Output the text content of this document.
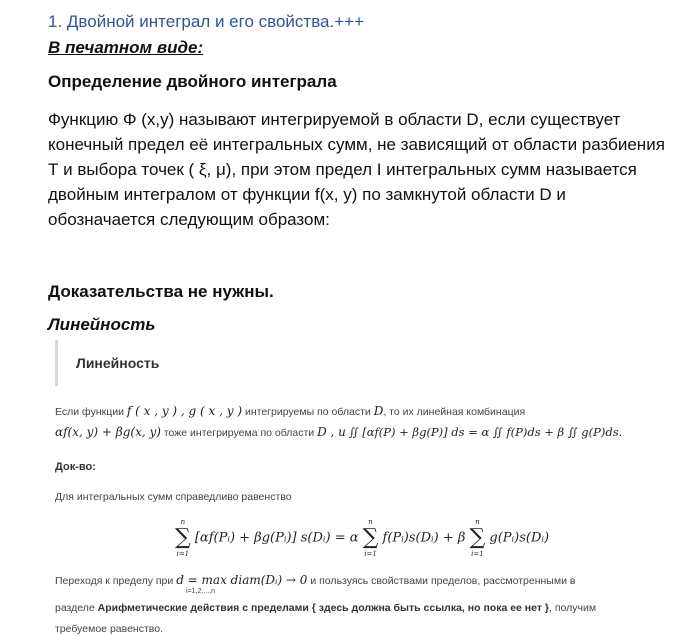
1. Двойной интеграл и его свойства.+++
В печатном виде:
Определение двойного интеграла
Функцию Φ (x,y) называют интегрируемой в области D, если существует
конечный предел её интегральных сумм, не зависящий от области разбиения
Т и выбора точек ( ξ, μ), при этом предел I интегральных сумм называется
двойным интегралом от функции f(x, y) по замкнутой области D и
обозначается следующим образом:
Доказательства не нужны.
Линейность
Линейность
Если функции f ( x , y ) , g ( x , y ) интегрируемы по области D, то их линейная комбинация
αf(x, y) + βg(x, y) тоже интегрируема по области D , и ∬ [αf(P) + βg(P)] ds = α ∬ f(P)ds + β ∬ g(P)ds.
Док-во:
Для интегральных сумм справедливо равенство
n
∑
i=1
[αf(Pᵢ) + βg(Pᵢ)] s(Dᵢ) = α
n
∑
i=1
f(Pᵢ)s(Dᵢ) + β
n
∑
i=1
g(Pᵢ)s(Dᵢ)
Переходя к пределу при d = max diam(Dᵢ) → 0 и пользуясь свойствами пределов, рассмотренными в
i=1,2,...,n
разделе Арифметические действия с пределами { здесь должна быть ссылка, но пока ее нет }, получим
требуемое равенство.
